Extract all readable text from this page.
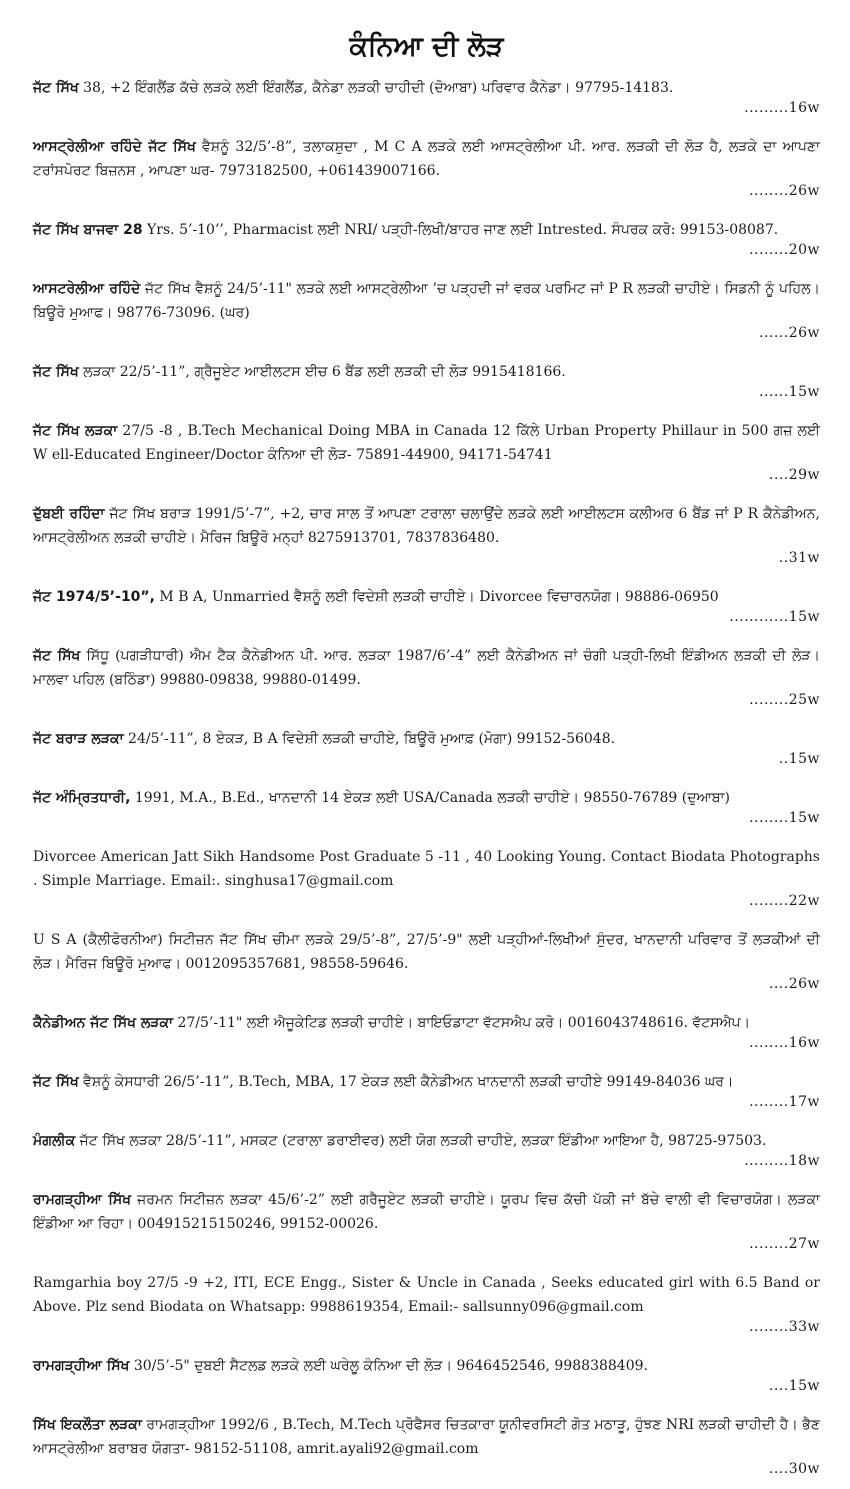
ਕੰਨਿਆ ਦੀ ਲੋੜ
ਜੱਟ ਸਿੱਖ 38, +2 ਇੰਗਲੈਂਡ ਕੱਚੇ ਲੜਕੇ ਲਈ ਇੰਗਲੈਂਡ, ਕੈਨੇਡਾ ਲੜਕੀ ਚਾਹੀਦੀ (ਦੋਆਬਾ) ਪਰਿਵਾਰ ਕੈਨੇਡਾ। 97795-14183.
.........16w
ਆਸਟ੍ਰੇਲੀਆ ਰਹਿੰਦੇ ਜੱਟ ਸਿੱਖ ਵੈਸ਼ਨੂੰ 32/5’-8”, ਤਲਾਕਸ਼ੁਦਾ , M C A ਲੜਕੇ ਲਈ ਆਸਟ੍ਰੇਲੀਆ ਪੀ. ਆਰ. ਲੜਕੀ ਦੀ ਲੋੜ ਹੈ, ਲੜਕੇ ਦਾ ਆਪਣਾ ਟਰਾਂਸਪੋਰਟ ਬਿਜ਼ਨਸ , ਆਪਣਾ ਘਰ- 7973182500, +061439007166.
........26w
ਜੱਟ ਸਿੱਖ ਬਾਜਵਾ 28 Yrs. 5’-10’’, Pharmacist ਲਈ NRI/ ਪੜ੍ਹੀ-ਲਿਖੀ/ਬਾਹਰ ਜਾਣ ਲਈ Intrested. ਸੰਪਰਕ ਕਰੋ: 99153-08087.
........20w
ਆਸਟਰੇਲੀਆ ਰਹਿੰਦੇ ਜੱਟ ਸਿੱਖ ਵੈਸ਼ਨੂੰ 24/5’-11" ਲੜਕੇ ਲਈ ਆਸਟ੍ਰੇਲੀਆ ’ਚ ਪੜ੍ਹਦੀ ਜਾਂ ਵਰਕ ਪਰਮਿਟ ਜਾਂ P R ਲੜਕੀ ਚਾਹੀਏ। ਸਿਡਨੀ ਨੂੰ ਪਹਿਲ। ਬਿਊਰੋ ਮੁਆਫ। 98776-73096. (ਘਰ)
......26w
ਜੱਟ ਸਿੱਖ ਲੜਕਾ 22/5’-11”, ਗ੍ਰੈਜੂਏਟ ਆਈਲਟਸ ਈਚ 6 ਬੈਂਡ ਲਈ ਲੜਕੀ ਦੀ ਲੋੜ 9915418166.
......15w
ਜੱਟ ਸਿੱਖ ਲੜਕਾ 27/5 -8 , B.Tech Mechanical Doing MBA in Canada 12 ਕਿੱਲੇ Urban Property Phillaur in 500 ਗਜ਼ ਲਈ W ell-Educated Engineer/Doctor ਕੰਨਿਆ ਦੀ ਲੋੜ- 75891-44900, 94171-54741
....29w
ਦੁੱਬਈ ਰਹਿੰਦਾ ਜੱਟ ਸਿੱਖ ਬਰਾੜ 1991/5’-7”, +2, ਚਾਰ ਸਾਲ ਤੋਂ ਆਪਣਾ ਟਰਾਲਾ ਚਲਾਉਂਦੇ ਲੜਕੇ ਲਈ ਆਈਲਟਸ ਕਲੀਅਰ 6 ਬੈਂਡ ਜਾਂ P R ਕੈਨੇਡੀਅਨ, ਆਸਟ੍ਰੇਲੀਅਨ ਲੜਕੀ ਚਾਹੀਏ। ਮੈਰਿਜ ਬਿਊਰੋ ਮਨ੍ਹਾਂ 8275913701, 7837836480.
..31w
ਜੱਟ 1974/5’-10”, M B A, Unmarried ਵੈਸ਼ਨੂੰ ਲਈ ਵਿਦੇਸ਼ੀ ਲੜਕੀ ਚਾਹੀਏ। Divorcee ਵਿਚਾਰਨਯੋਗ। 98886-06950
............15w
ਜੱਟ ਸਿੱਖ ਸਿੱਧੂ (ਪਗੜੀਧਾਰੀ) ਐਮ ਟੈਕ ਕੈਨੇਡੀਅਨ ਪੀ. ਆਰ. ਲੜਕਾ 1987/6’-4” ਲਈ ਕੈਨੇਡੀਅਨ ਜਾਂ ਚੰਗੀ ਪੜ੍ਹੀ-ਲਿਖੀ ਇੰਡੀਅਨ ਲੜਕੀ ਦੀ ਲੋੜ। ਮਾਲਵਾ ਪਹਿਲ (ਬਠਿੰਡਾ) 99880-09838, 99880-01499.
........25w
ਜੱਟ ਬਰਾੜ ਲੜਕਾ 24/5’-11”, 8 ਏਕੜ, B A ਵਿਦੇਸ਼ੀ ਲੜਕੀ ਚਾਹੀਏ, ਬਿਊਰੋ ਮੁਆਫ਼ (ਮੋਗਾ) 99152-56048.
..15w
ਜੱਟ ਅੰਮ੍ਰਿਤਧਾਰੀ, 1991, M.A., B.Ed., ਖਾਨਦਾਨੀ 14 ਏਕੜ ਲਈ USA/Canada ਲੜਕੀ ਚਾਹੀਏ। 98550-76789 (ਦੁਆਬਾ)
........15w
Divorcee American Jatt Sikh Handsome Post Graduate 5 -11 , 40 Looking Young. Contact Biodata Photographs . Simple Marriage. Email:. singhusa17@gmail.com
........22w
U S A (ਕੈਲੀਫੋਰਨੀਆ) ਸਿਟੀਜ਼ਨ ਜੱਟ ਸਿੱਖ ਚੀਮਾ ਲੜਕੇ 29/5’-8”, 27/5’-9" ਲਈ ਪੜ੍ਹੀਆਂ-ਲਿਖੀਆਂ ਸੁੰਦਰ, ਖਾਨਦਾਨੀ ਪਰਿਵਾਰ ਤੋਂ ਲੜਕੀਆਂ ਦੀ ਲੋੜ। ਮੈਰਿਜ ਬਿਊਰੋ ਮੁਆਫ। 0012095357681, 98558-59646.
....26w
ਕੈਨੇਡੀਅਨ ਜੱਟ ਸਿੱਖ ਲੜਕਾ 27/5’-11" ਲਈ ਐਜੂਕੇਟਿਡ ਲੜਕੀ ਚਾਹੀਏ। ਬਾਇਓਡਾਟਾ ਵੱਟਸਐਪ ਕਰੋ। 0016043748616. ਵੱਟਸਐਪ।
........16w
ਜੱਟ ਸਿੱਖ ਵੈਸ਼ਨੂੰ ਕੇਸਧਾਰੀ 26/5’-11”, B.Tech, MBA, 17 ਏਕੜ ਲਈ ਕੈਨੇਡੀਅਨ ਖਾਨਦਾਨੀ ਲੜਕੀ ਚਾਹੀਏ 99149-84036 ਘਰ।
........17w
ਮੰਗਲੀਕ ਜੱਟ ਸਿੱਖ ਲੜਕਾ 28/5’-11”, ਮਸਕਟ (ਟਰਾਲਾ ਡਰਾਈਵਰ) ਲਈ ਯੋਗ ਲੜਕੀ ਚਾਹੀਏ, ਲੜਕਾ ਇੰਡੀਆ ਆਇਆ ਹੈ, 98725-97503.
.........18w
ਰਾਮਗੜ੍ਹੀਆ ਸਿੱਖ ਜਰਮਨ ਸਿਟੀਜ਼ਨ ਲੜਕਾ 45/6’-2” ਲਈ ਗਰੈਜੂਏਟ ਲੜਕੀ ਚਾਹੀਏ। ਯੂਰਪ ਵਿਚ ਕੱਚੀ ਪੱਕੀ ਜਾਂ ਬੱਚੇ ਵਾਲੀ ਵੀ ਵਿਚਾਰਯੋਗ। ਲੜਕਾ ਇੰਡੀਆ ਆ ਰਿਹਾ। 004915215150246, 99152-00026.
........27w
Ramgarhia boy 27/5 -9 +2, ITI, ECE Engg., Sister & Uncle in Canada , Seeks educated girl with 6.5 Band or Above. Plz send Biodata on Whatsapp: 9988619354, Email:- sallsunny096@gmail.com
........33w
ਰਾਮਗੜ੍ਹੀਆ ਸਿੱਖ 30/5’-5" ਦੁਬਈ ਸੈਟਲਡ ਲੜਕੇ ਲਈ ਘਰੇਲੂ ਕੰਨਿਆ ਦੀ ਲੋੜ। 9646452546, 9988388409.
....15w
ਸਿੱਖ ਇਕਲੌਤਾ ਲੜਕਾ ਰਾਮਗੜ੍ਹੀਆ 1992/6 , B.Tech, M.Tech ਪ੍ਰੋਫੈਸਰ ਚਿਤਕਾਰਾ ਯੂਨੀਵਰਸਿਟੀ ਗੋਤ ਮਠਾੜੂ, ਹੁੰਝਣ NRI ਲੜਕੀ ਚਾਹੀਦੀ ਹੈ। ਭੈਣ ਆਸਟ੍ਰੇਲੀਆ ਬਰਾਬਰ ਯੋਗਤਾ- 98152-51108, amrit.ayali92@gmail.com
....30w
